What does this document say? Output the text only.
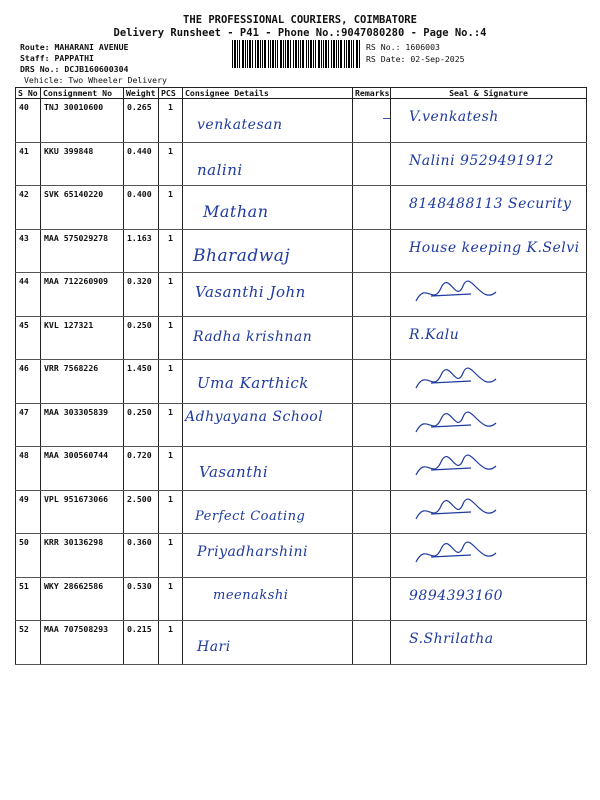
THE PROFESSIONAL COURIERS, COIMBATORE
Delivery Runsheet - P41 - Phone No.:9047080280 - Page No.:4
Route: MAHARANI AVENUE
Staff: PAPPATHI
DRS No.: DCJB160600304
Vehicle: Two Wheeler Delivery
RS No.: 1606003
RS Date: 02-Sep-2025
S No	Consignment No	Weight	PCS	Consignee Details	Remarks	Seal & Signature
40	TNJ 30010600	0.265	1	venkatesan	—	V.venkatesh

41	KKU 399848	0.440	1	nalini		Nalini 9529491912

42	SVK 65140220	0.400	1	Mathan		8148488113 Security

43	MAA 575029278	1.163	1	Bharadwaj		House keeping K.Selvi

44	MAA 712260909	0.320	1	Vasanthi John

45	KVL 127321	0.250	1	Radha krishnan		R.Kalu

46	VRR 7568226	1.450	1	Uma Karthick

47	MAA 303305839	0.250	1	Adhyayana School

48	MAA 300560744	0.720	1	Vasanthi

49	VPL 951673066	2.500	1	Perfect Coating

50	KRR 30136298	0.360	1	Priyadharshini

51	WKY 28662586	0.530	1	meenakshi		9894393160

52	MAA 707508293	0.215	1	Hari		S.Shrilatha
